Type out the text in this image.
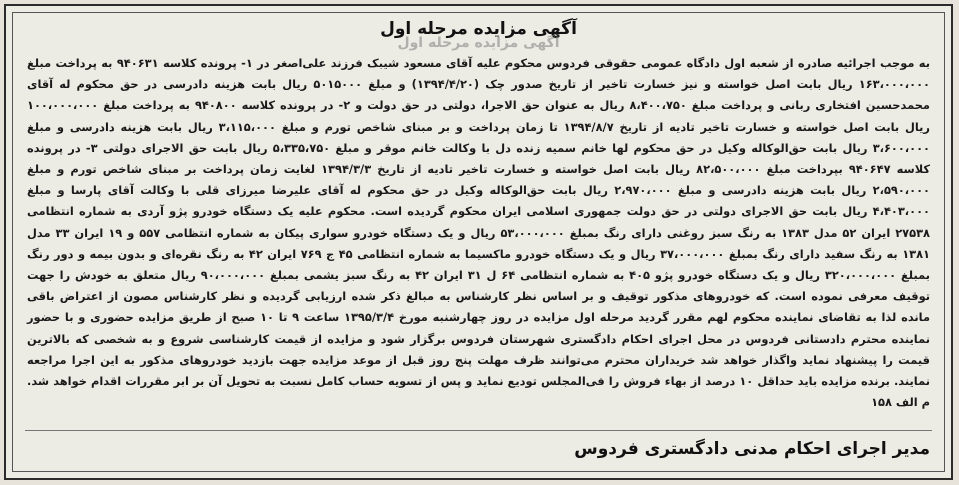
آگهی مزایده مرحله اول
آگهی مزایده مرحله اول
به موجب اجرائیه صادره از شعبه اول دادگاه عمومی حقوقی فردوس محکوم علیه آقای مسعود شیبک فرزند علی‌اصغر در ۱- پرونده کلاسه ۹۴۰۶۳۱ به پرداخت مبلغ ۱۶۳،۰۰۰،۰۰۰ ریال بابت اصل خواسته و نیز خسارت تاخیر از تاریخ صدور چک (۱۳۹۴/۴/۲۰) و مبلغ ۵۰۱۵۰۰۰ ریال بابت هزینه دادرسی در حق محکوم له آقای محمدحسین افتخاری ربانی و پرداخت مبلغ ۸،۴۰۰،۷۵۰ ریال به عنوان حق الاجرا، دولتی در حق دولت و ۲- در پرونده کلاسه ۹۴۰۸۰۰ به پرداخت مبلغ ۱۰۰،۰۰۰،۰۰۰ ریال بابت اصل خواسته و خسارت تاخیر تادیه از تاریخ ۱۳۹۴/۸/۷ تا زمان پرداخت و بر مبنای شاخص تورم و مبلغ ۳،۱۱۵،۰۰۰ ریال بابت هزینه دادرسی و مبلغ ۳،۶۰۰،۰۰۰ ریال بابت حق‌الوکاله وکیل در حق محکوم لها خانم سمیه زنده دل با وکالت خانم موقر و مبلغ ۵،۳۳۵،۷۵۰ ریال بابت حق الاجرای دولتی ۳- در پرونده کلاسه ۹۴۰۶۴۷ بپرداخت مبلغ ۸۲،۵۰۰،۰۰۰ ریال بابت اصل خواسته و خسارت تاخیر تادیه از تاریخ ۱۳۹۴/۳/۳ لغایت زمان پرداخت بر مبنای شاخص تورم و مبلغ ۲،۵۹۰،۰۰۰ ریال بابت هزینه دادرسی و مبلغ ۲،۹۷۰،۰۰۰ ریال بابت حق‌الوکاله وکیل در حق محکوم له آقای علیرضا میرزای قلی با وکالت آقای پارسا و مبلغ ۴،۴۰۳،۰۰۰ ریال بابت حق الاجرای دولتی در حق دولت جمهوری اسلامی ایران محکوم گردیده است. محکوم علیه یک دستگاه خودرو پژو آردی به شماره انتظامی ۲۷۵۳۸ ایران ۵۲ مدل ۱۳۸۳ به رنگ سبز روغنی دارای رنگ بمبلغ ۵۳،۰۰۰،۰۰۰ ریال و یک دستگاه خودرو سواری پیکان به شماره انتظامی ۵۵۷ و ۱۹ ایران ۳۳ مدل ۱۳۸۱ به رنگ سفید دارای رنگ بمبلغ ۳۷،۰۰۰،۰۰۰ ریال و یک دستگاه خودرو ماکسیما به شماره انتظامی ۴۵ ج ۷۶۹ ایران ۴۲ به رنگ نقره‌ای و بدون بیمه و دور رنگ بمبلغ ۳۲۰،۰۰۰،۰۰۰ ریال و یک دستگاه خودرو پژو ۴۰۵ به شماره انتظامی ۶۴ ل ۳۱ ایران ۴۲ به رنگ سبز یشمی بمبلغ ۹۰،۰۰۰،۰۰۰ ریال متعلق به خودش را جهت توقیف معرفی نموده است. که خودروهای مذکور توقیف و بر اساس نظر کارشناس به مبالغ ذکر شده ارزیابی گردیده و نظر کارشناس مصون از اعتراض باقی مانده لذا به تقاضای نماینده محکوم لهم مقرر گردید مرحله اول مزایده در روز چهارشنبه مورخ ۱۳۹۵/۳/۴ ساعت ۹ تا ۱۰ صبح از طریق مزایده حضوری و با حضور نماینده محترم دادستانی فردوس در محل اجرای احکام دادگستری شهرستان فردوس برگزار شود و مزایده از قیمت کارشناسی شروع و به شخصی که بالاترین قیمت را پیشنهاد نماید واگذار خواهد شد خریداران محترم می‌توانند ظرف مهلت پنج روز قبل از موعد مزایده جهت بازدید خودروهای مذکور به این اجرا مراجعه نمایند. برنده مزایده باید حداقل ۱۰ درصد از بهاء فروش را فی‌المجلس تودیع نماید و پس از تسویه حساب کامل نسبت به تحویل آن بر ابر مقررات اقدام خواهد شد. م الف ۱۵۸
مدیر اجرای احکام مدنی دادگستری فردوس
